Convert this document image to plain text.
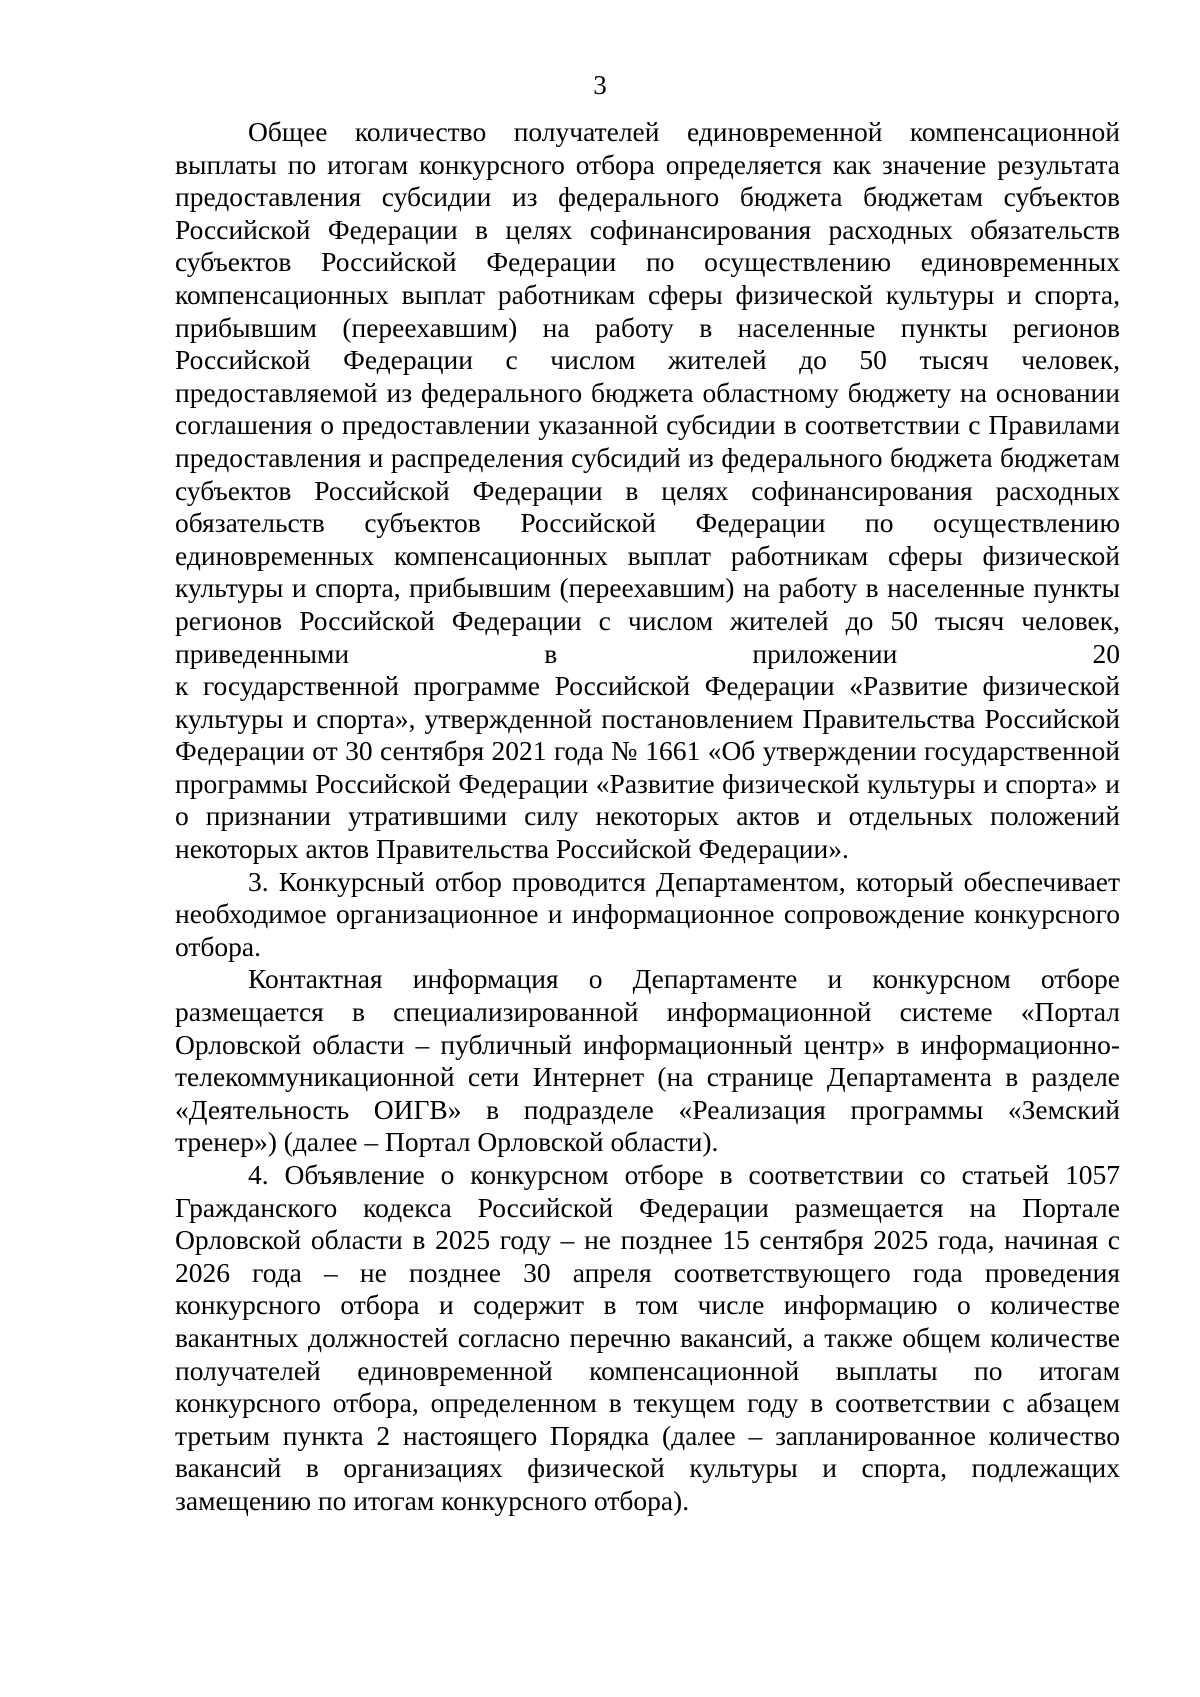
3

Общее количество получателей единовременной компенсационной выплаты по итогам конкурсного отбора определяется как значение результата предоставления субсидии из федерального бюджета бюджетам субъектов Российской Федерации в целях софинансирования расходных обязательств субъектов Российской Федерации по осуществлению единовременных компенсационных выплат работникам сферы физической культуры и спорта, прибывшим (переехавшим) на работу в населенные пункты регионов Российской Федерации с числом жителей до 50 тысяч человек, предоставляемой из федерального бюджета областному бюджету на основании соглашения о предоставлении указанной субсидии в соответствии с Правилами предоставления и распределения субсидий из федерального бюджета бюджетам субъектов Российской Федерации в целях софинансирования расходных обязательств субъектов Российской Федерации по осуществлению единовременных компенсационных выплат работникам сферы физической культуры и спорта, прибывшим (переехавшим) на работу в населенные пункты регионов Российской Федерации с числом жителей до 50 тысяч человек, приведенными в приложении 20

к государственной программе Российской Федерации «Развитие физической культуры и спорта», утвержденной постановлением Правительства Российской Федерации от 30 сентября 2021 года № 1661 «Об утверждении государственной программы Российской Федерации «Развитие физической культуры и спорта» и о признании утратившими силу некоторых актов и отдельных положений некоторых актов Правительства Российской Федерации».

3. Конкурсный отбор проводится Департаментом, который обеспечивает необходимое организационное и информационное сопровождение конкурсного отбора.

Контактная информация о Департаменте и конкурсном отборе размещается в специализированной информационной системе «Портал Орловской области – публичный информационный центр» в информационно-телекоммуникационной сети Интернет (на странице Департамента в разделе «Деятельность ОИГВ» в подразделе «Реализация программы «Земский тренер») (далее – Портал Орловской области).

4. Объявление о конкурсном отборе в соответствии со статьей 1057 Гражданского кодекса Российской Федерации размещается на Портале Орловской области в 2025 году – не позднее 15 сентября 2025 года, начиная с 2026 года – не позднее 30 апреля соответствующего года проведения конкурсного отбора и содержит в том числе информацию о количестве вакантных должностей согласно перечню вакансий, а также общем количестве получателей единовременной компенсационной выплаты по итогам конкурсного отбора, определенном в текущем году в соответствии с абзацем третьим пункта 2 настоящего Порядка (далее – запланированное количество вакансий в организациях физической культуры и спорта, подлежащих замещению по итогам конкурсного отбора).
